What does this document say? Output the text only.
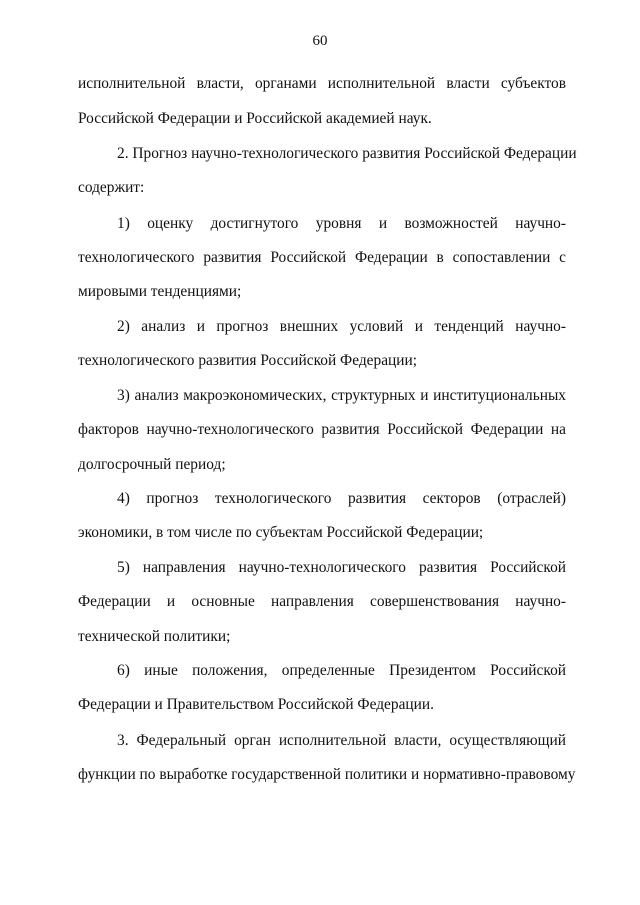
60
исполнительной власти, органами исполнительной власти субъектов
Российской Федерации и Российской академией наук.
2. Прогноз научно-технологического развития Российской Федерации
содержит:
1) оценку достигнутого уровня и возможностей научно-
технологического развития Российской Федерации в сопоставлении с
мировыми тенденциями;
2) анализ и прогноз внешних условий и тенденций научно-
технологического развития Российской Федерации;
3) анализ макроэкономических, структурных и институциональных
факторов научно-технологического развития Российской Федерации на
долгосрочный период;
4) прогноз технологического развития секторов (отраслей)
экономики, в том числе по субъектам Российской Федерации;
5) направления научно-технологического развития Российской
Федерации и основные направления совершенствования научно-
технической политики;
6) иные положения, определенные Президентом Российской
Федерации и Правительством Российской Федерации.
3. Федеральный орган исполнительной власти, осуществляющий
функции по выработке государственной политики и нормативно-правовому
